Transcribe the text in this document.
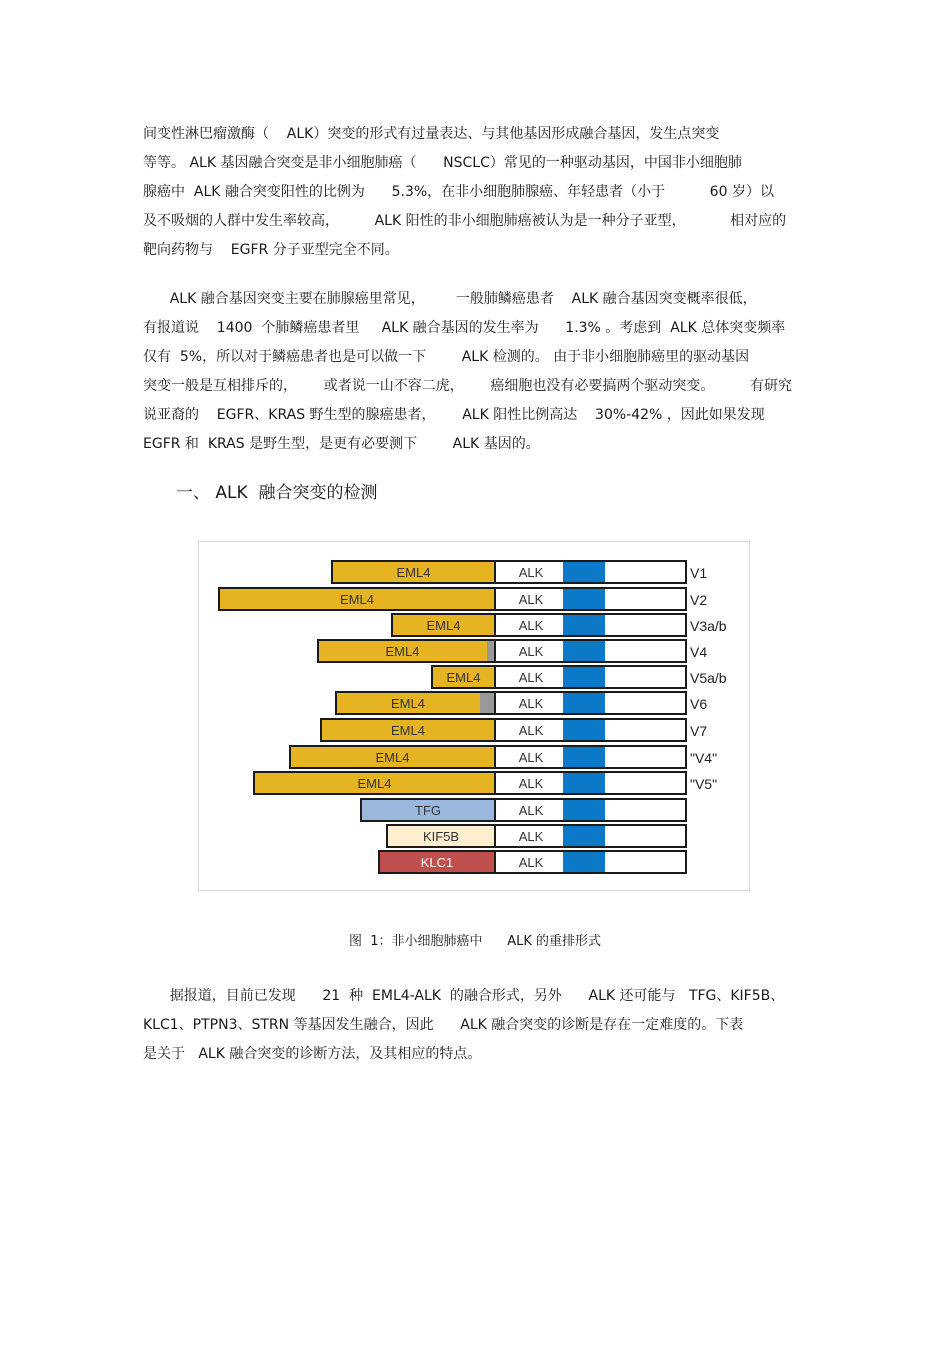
间变性淋巴瘤激酶（    ALK）突变的形式有过量表达、与其他基因形成融合基因，发生点突变
等等。 ALK 基因融合突变是非小细胞肺癌（      NSCLC）常见的一种驱动基因，中国非小细胞肺
腺癌中  ALK 融合突变阳性的比例为      5.3%，在非小细胞肺腺癌、年轻患者（小于          60 岁）以
及不吸烟的人群中发生率较高，        ALK 阳性的非小细胞肺癌被认为是一种分子亚型，          相对应的
靶向药物与    EGFR 分子亚型完全不同。
ALK 融合基因突变主要在肺腺癌里常见，       一般肺鳞癌患者    ALK 融合基因突变概率很低，
有报道说    1400  个肺鳞癌患者里     ALK 融合基因的发生率为      1.3% 。考虑到  ALK 总体突变频率
仅有  5%，所以对于鳞癌患者也是可以做一下        ALK 检测的。 由于非小细胞肺癌里的驱动基因
突变一般是互相排斥的，      或者说一山不容二虎，      癌细胞也没有必要搞两个驱动突变。        有研究
说亚裔的    EGFR、KRAS 野生型的腺癌患者，      ALK 阳性比例高达    30%-42% ，因此如果发现
EGFR 和  KRAS 是野生型，是更有必要测下        ALK 基因的。
一、 ALK  融合突变的检测
EML4	ALK	V1
EML4	ALK	V2
EML4	ALK	V3a/b
EML4	ALK	V4
EML4	ALK	V5a/b
EML4	ALK	V6
EML4	ALK	V7
EML4	ALK	"V4"
EML4	ALK	"V5"
TFG	ALK
KIF5B	ALK
KLC1	ALK
图  1：非小细胞肺癌中      ALK 的重排形式
据报道，目前已发现      21  种  EML4-ALK  的融合形式，另外      ALK 还可能与   TFG、KIF5B、
KLC1、PTPN3、STRN 等基因发生融合，因此      ALK 融合突变的诊断是存在一定难度的。下表
是关于   ALK 融合突变的诊断方法，及其相应的特点。
